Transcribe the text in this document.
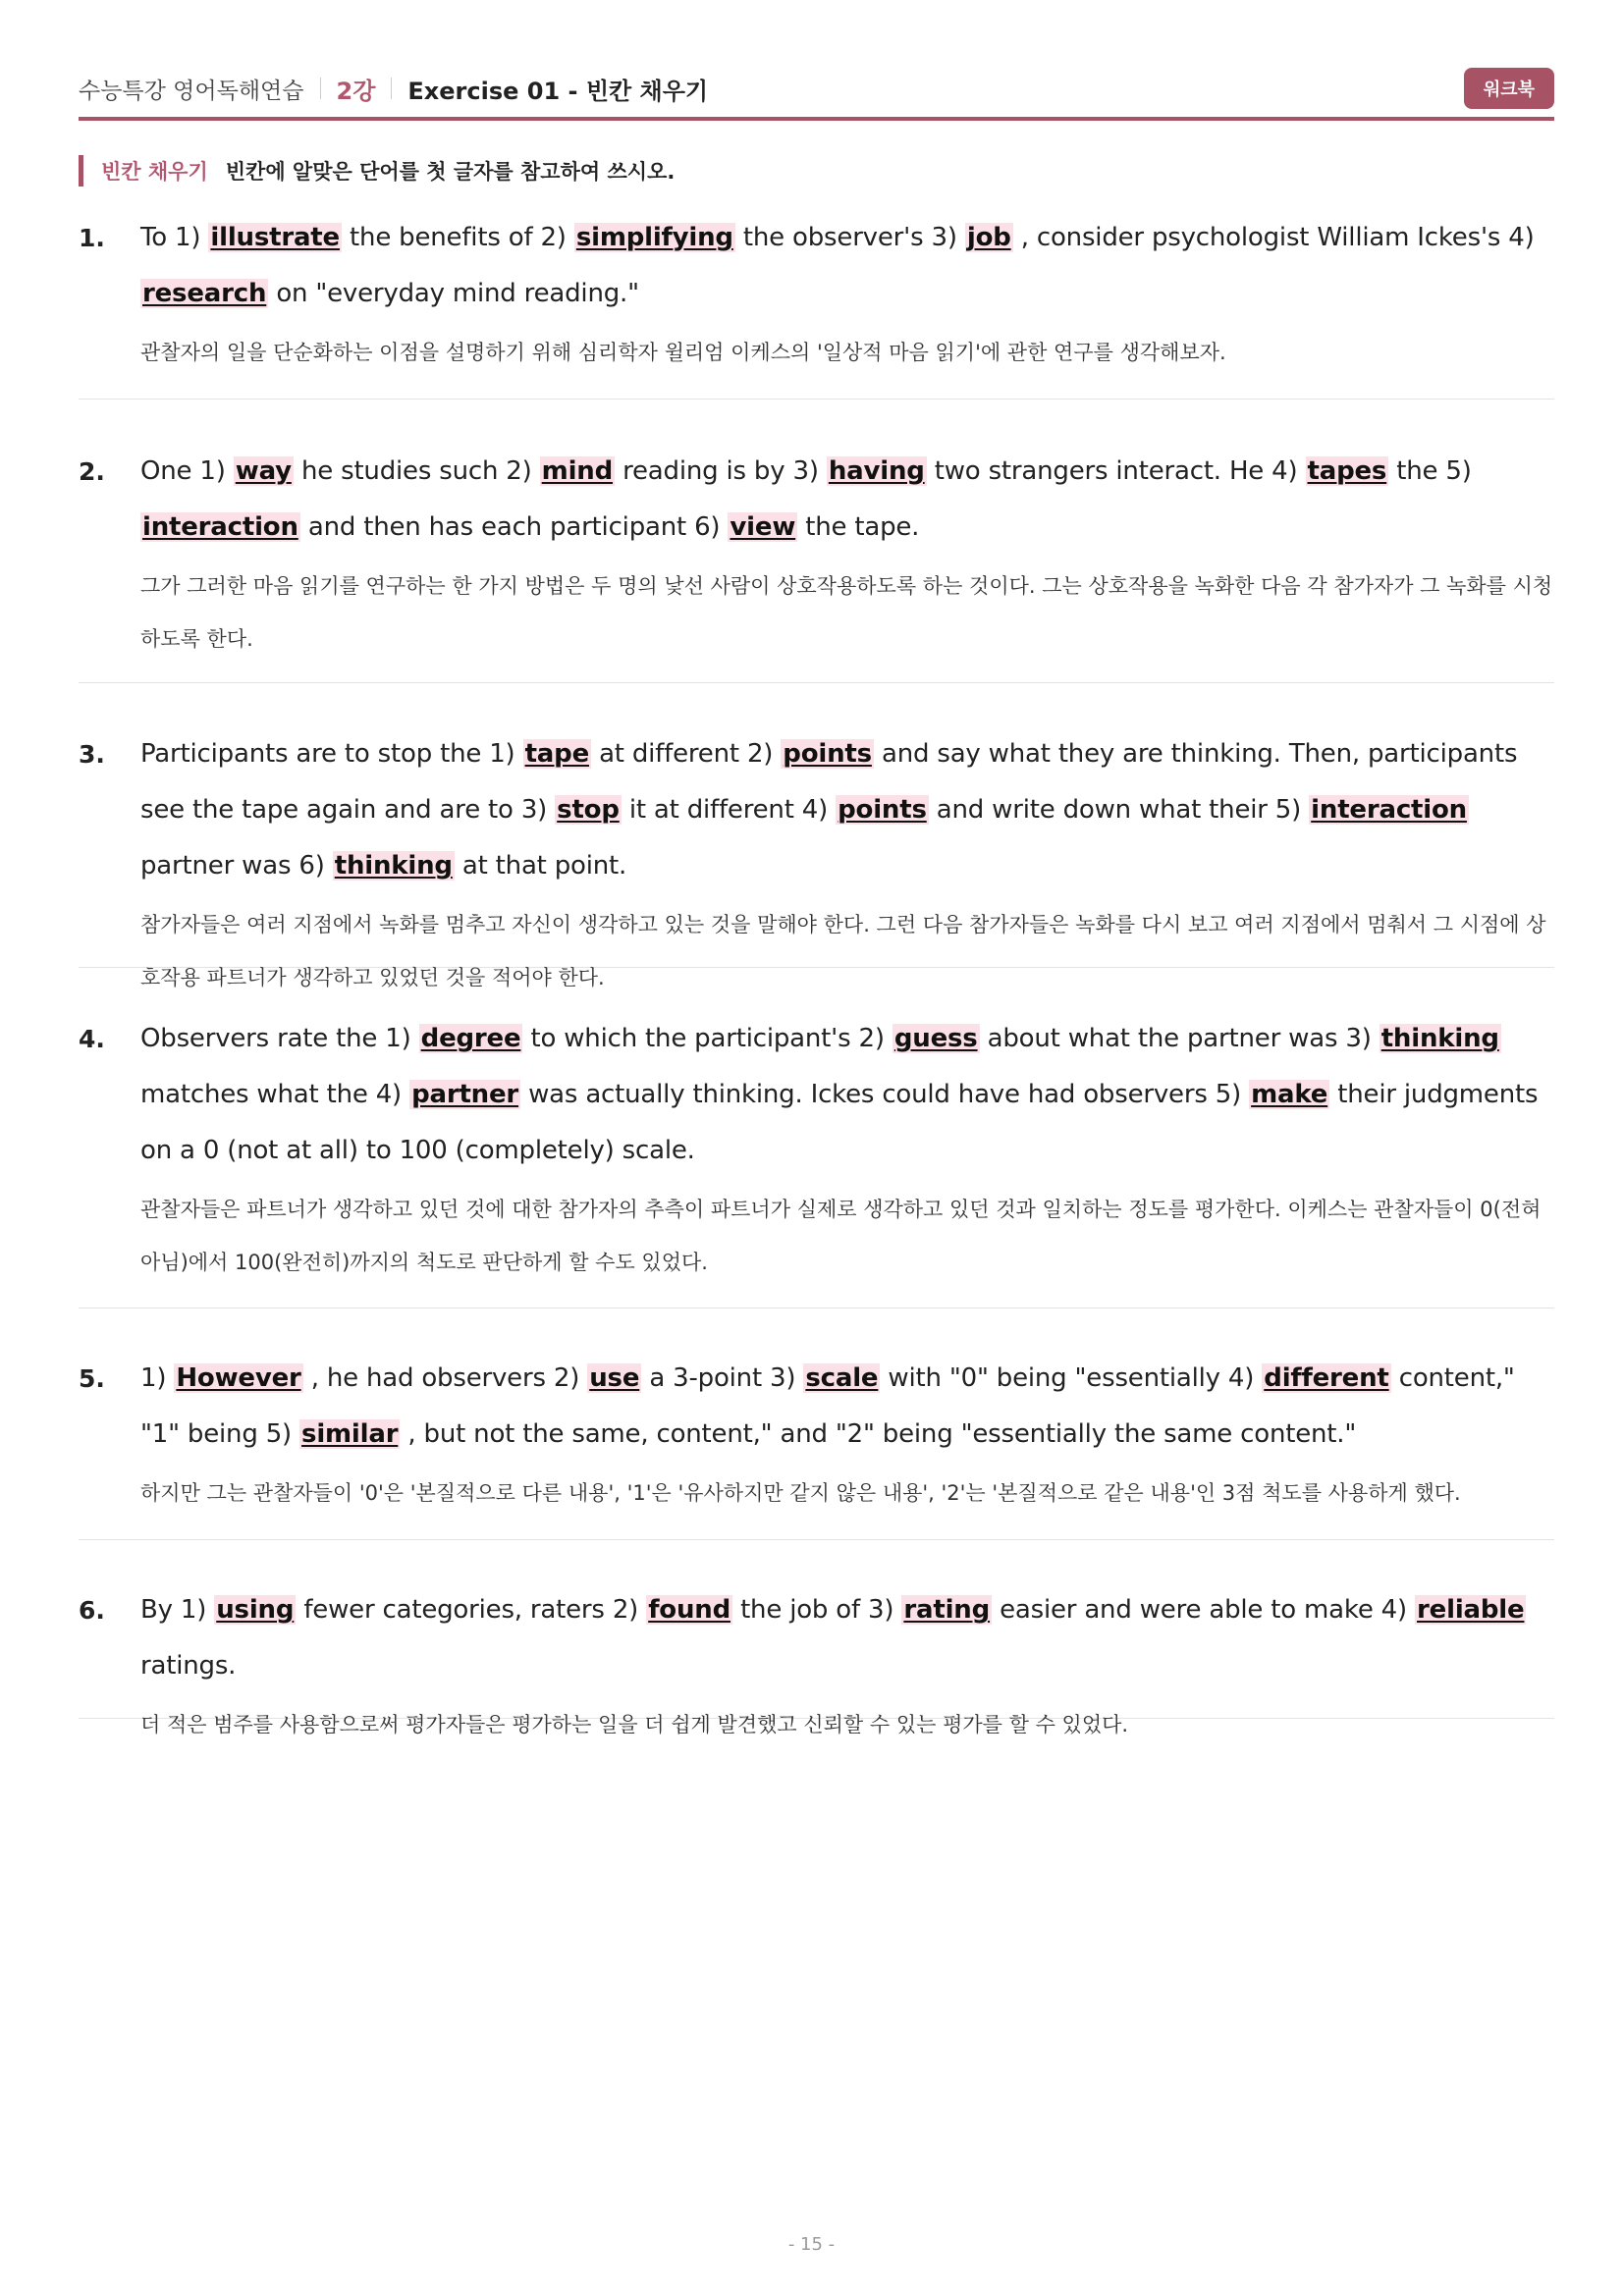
수능특강 영어독해연습 2강 Exercise 01 - 빈칸 채우기	워크북
빈칸 채우기 빈칸에 알맞은 단어를 첫 글자를 참고하여 쓰시오.
1. To 1) illustrate the benefits of 2) simplifying the observer's 3) job , consider psychologist William Ickes's 4) research on "everyday mind reading."
관찰자의 일을 단순화하는 이점을 설명하기 위해 심리학자 윌리엄 이케스의 '일상적 마음 읽기'에 관한 연구를 생각해보자.
2. One 1) way he studies such 2) mind reading is by 3) having two strangers interact. He 4) tapes the 5) interaction and then has each participant 6) view the tape.
그가 그러한 마음 읽기를 연구하는 한 가지 방법은 두 명의 낯선 사람이 상호작용하도록 하는 것이다. 그는 상호작용을 녹화한 다음 각 참가자가 그 녹화를 시청하도록 한다.
3. Participants are to stop the 1) tape at different 2) points and say what they are thinking. Then, participants see the tape again and are to 3) stop it at different 4) points and write down what their 5) interaction partner was 6) thinking at that point.
참가자들은 여러 지점에서 녹화를 멈추고 자신이 생각하고 있는 것을 말해야 한다. 그런 다음 참가자들은 녹화를 다시 보고 여러 지점에서 멈춰서 그 시점에 상호작용 파트너가 생각하고 있었던 것을 적어야 한다.
4. Observers rate the 1) degree to which the participant's 2) guess about what the partner was 3) thinking matches what the 4) partner was actually thinking. Ickes could have had observers 5) make their judgments on a 0 (not at all) to 100 (completely) scale.
관찰자들은 파트너가 생각하고 있던 것에 대한 참가자의 추측이 파트너가 실제로 생각하고 있던 것과 일치하는 정도를 평가한다. 이케스는 관찰자들이 0(전혀 아님)에서 100(완전히)까지의 척도로 판단하게 할 수도 있었다.
5. 1) However , he had observers 2) use a 3-point 3) scale with "0" being "essentially 4) different content," "1" being 5) similar , but not the same, content," and "2" being "essentially the same content."
하지만 그는 관찰자들이 '0'은 '본질적으로 다른 내용', '1'은 '유사하지만 같지 않은 내용', '2'는 '본질적으로 같은 내용'인 3점 척도를 사용하게 했다.
6. By 1) using fewer categories, raters 2) found the job of 3) rating easier and were able to make 4) reliable ratings.
더 적은 범주를 사용함으로써 평가자들은 평가하는 일을 더 쉽게 발견했고 신뢰할 수 있는 평가를 할 수 있었다.
- 15 -
